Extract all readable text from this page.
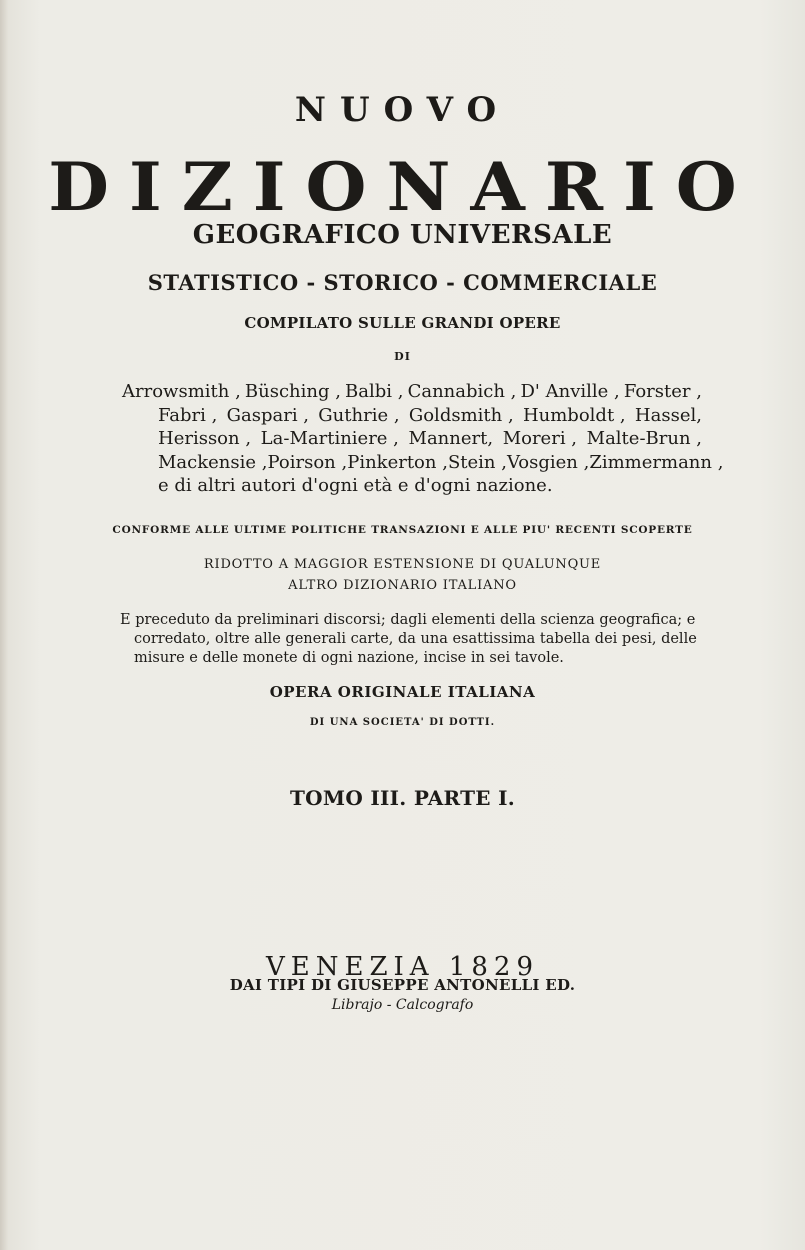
NUOVO
DIZIONARIO
GEOGRAFICO UNIVERSALE
STATISTICO - STORICO - COMMERCIALE
COMPILATO SULLE GRANDI OPERE
DI
Arrowsmith , Büsching , Balbi , Cannabich , D' Anville , Forster ,
Fabri , Gaspari , Guthrie , Goldsmith , Humboldt , Hassel,
Herisson , La-Martiniere , Mannert, Moreri , Malte-Brun ,
Mackensie , Poirson , Pinkerton , Stein , Vosgien , Zimmermann ,
e di altri autori d'ogni età e d'ogni nazione.
CONFORME ALLE ULTIME POLITICHE TRANSAZIONI E ALLE PIU' RECENTI SCOPERTE
RIDOTTO A MAGGIOR ESTENSIONE DI QUALUNQUE
ALTRO DIZIONARIO ITALIANO
E preceduto da preliminari discorsi; dagli elementi della scienza geografica; e
corredato, oltre alle generali carte, da una esattissima tabella dei pesi, delle
misure e delle monete di ogni nazione, incise in sei tavole.
OPERA ORIGINALE ITALIANA
DI UNA SOCIETA' DI DOTTI.
TOMO III. PARTE I.
VENEZIA 1829
DAI TIPI DI GIUSEPPE ANTONELLI ED.
Librajo - Calcografo
